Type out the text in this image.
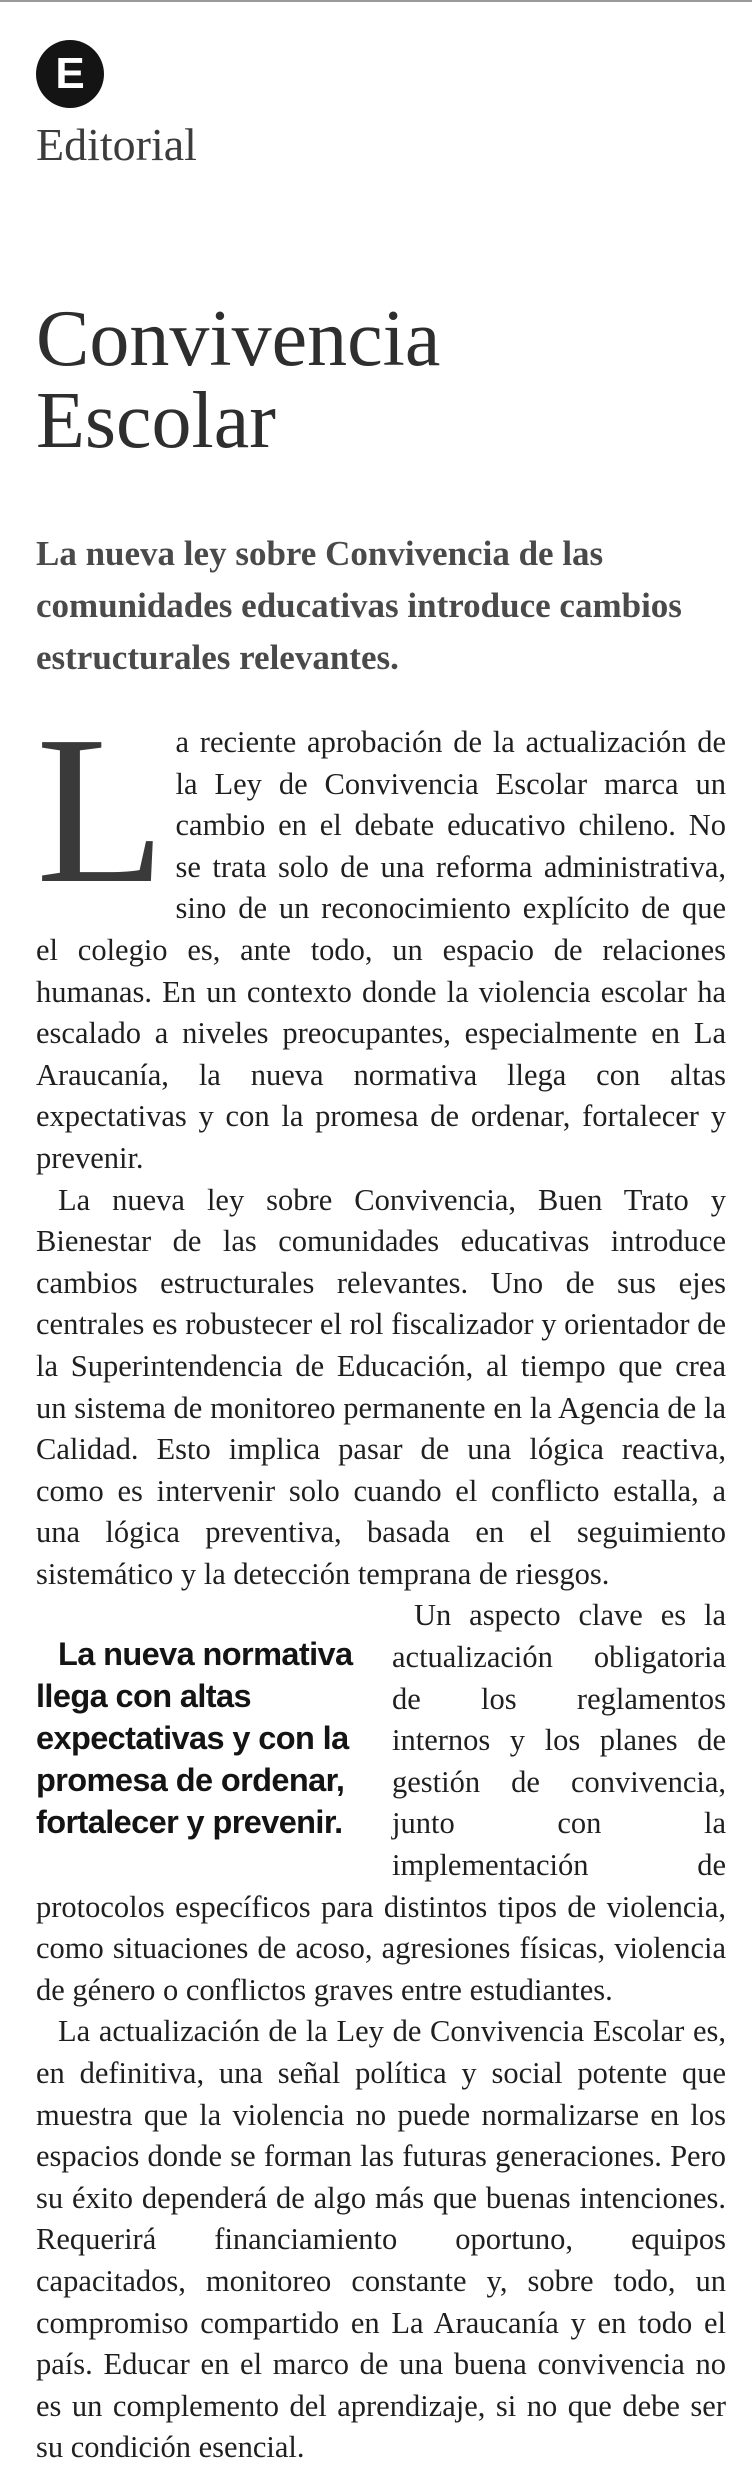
E
Editorial
Convivencia
Escolar

La nueva ley sobre Convivencia de las comunidades educativas introduce cambios estructurales relevantes.

La reciente aprobación de la actualización de la Ley de Convivencia Escolar marca un cambio en el debate educativo chileno. No se trata solo de una reforma administrativa, sino de un reconocimiento explícito de que el colegio es, ante todo, un espacio de relaciones humanas. En un contexto donde la violencia escolar ha escalado a niveles preocupantes, especialmente en La Araucanía, la nueva normativa llega con altas expectativas y con la promesa de ordenar, fortalecer y prevenir.

La nueva ley sobre Convivencia, Buen Trato y Bienestar de las comunidades educativas introduce cambios estructurales relevantes. Uno de sus ejes centrales es robustecer el rol fiscalizador y orientador de la Superintendencia de Educación, al tiempo que crea un sistema de monitoreo permanente en la Agencia de la Calidad. Esto implica pasar de una lógica reactiva, como es intervenir solo cuando el conflicto estalla, a una lógica preventiva, basada en el seguimiento sistemático y la detección temprana de riesgos.

La nueva normativa llega con altas expectativas y con la promesa de ordenar, fortalecer y prevenir.
Un aspecto clave es la actualización obligatoria de los reglamentos internos y los planes de gestión de convivencia, junto con la implementación de protocolos específicos para distintos tipos de violencia, como situaciones de acoso, agresiones físicas, violencia de género o conflictos graves entre estudiantes.

La actualización de la Ley de Convivencia Escolar es, en definitiva, una señal política y social potente que muestra que la violencia no puede normalizarse en los espacios donde se forman las futuras generaciones. Pero su éxito dependerá de algo más que buenas intenciones. Requerirá financiamiento oportuno, equipos capacitados, monitoreo constante y, sobre todo, un compromiso compartido en La Araucanía y en todo el país. Educar en el marco de una buena convivencia no es un complemento del aprendizaje, si no que debe ser su condición esencial.
